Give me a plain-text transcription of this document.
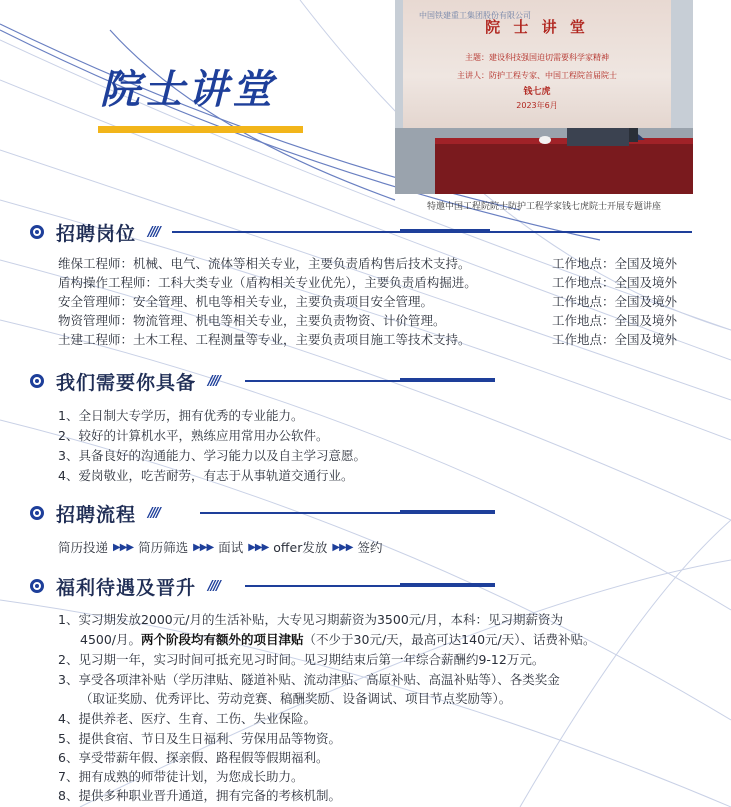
院士讲堂
中国铁建重工集团股份有限公司
院 士 讲 堂
主题：建设科技强国迫切需要科学家精神
主讲人：防护工程专家、中国工程院首届院士
钱七虎
2023年6月
特邀中国工程院院士防护工程学家钱七虎院士开展专题讲座
招聘岗位 ////
维保工程师：机械、电气、流体等相关专业，主要负责盾构售后技术支持。	工作地点：全国及境外
盾构操作工程师：工科大类专业（盾构相关专业优先），主要负责盾构掘进。	工作地点：全国及境外
安全管理师：安全管理、机电等相关专业，主要负责项目安全管理。	工作地点：全国及境外
物资管理师：物流管理、机电等相关专业，主要负责物资、计价管理。	工作地点：全国及境外
土建工程师：土木工程、工程测量等专业，主要负责项目施工等技术支持。	工作地点：全国及境外
我们需要你具备 ////
1、全日制大专学历，拥有优秀的专业能力。
2、较好的计算机水平，熟练应用常用办公软件。
3、具备良好的沟通能力、学习能力以及自主学习意愿。
4、爱岗敬业，吃苦耐劳，有志于从事轨道交通行业。
招聘流程 ////
简历投递 ▶▶▶ 简历筛选 ▶▶▶ 面试 ▶▶▶ offer发放 ▶▶▶ 签约
福利待遇及晋升 ////
1、实习期发放2000元/月的生活补贴，大专见习期薪资为3500元/月，本科：见习期薪资为
4500/月。两个阶段均有额外的项目津贴（不少于30元/天，最高可达140元/天）、话费补贴。
2、见习期一年，实习时间可抵充见习时间。见习期结束后第一年综合薪酬约9-12万元。
3、享受各项津补贴（学历津贴、隧道补贴、流动津贴、高原补贴、高温补贴等）、各类奖金
（取证奖励、优秀评比、劳动竞赛、稿酬奖励、设备调试、项目节点奖励等）。
4、提供养老、医疗、生育、工伤、失业保险。
5、提供食宿、节日及生日福利、劳保用品等物资。
6、享受带薪年假、探亲假、路程假等假期福利。
7、拥有成熟的师带徒计划，为您成长助力。
8、提供多种职业晋升通道，拥有完备的考核机制。
